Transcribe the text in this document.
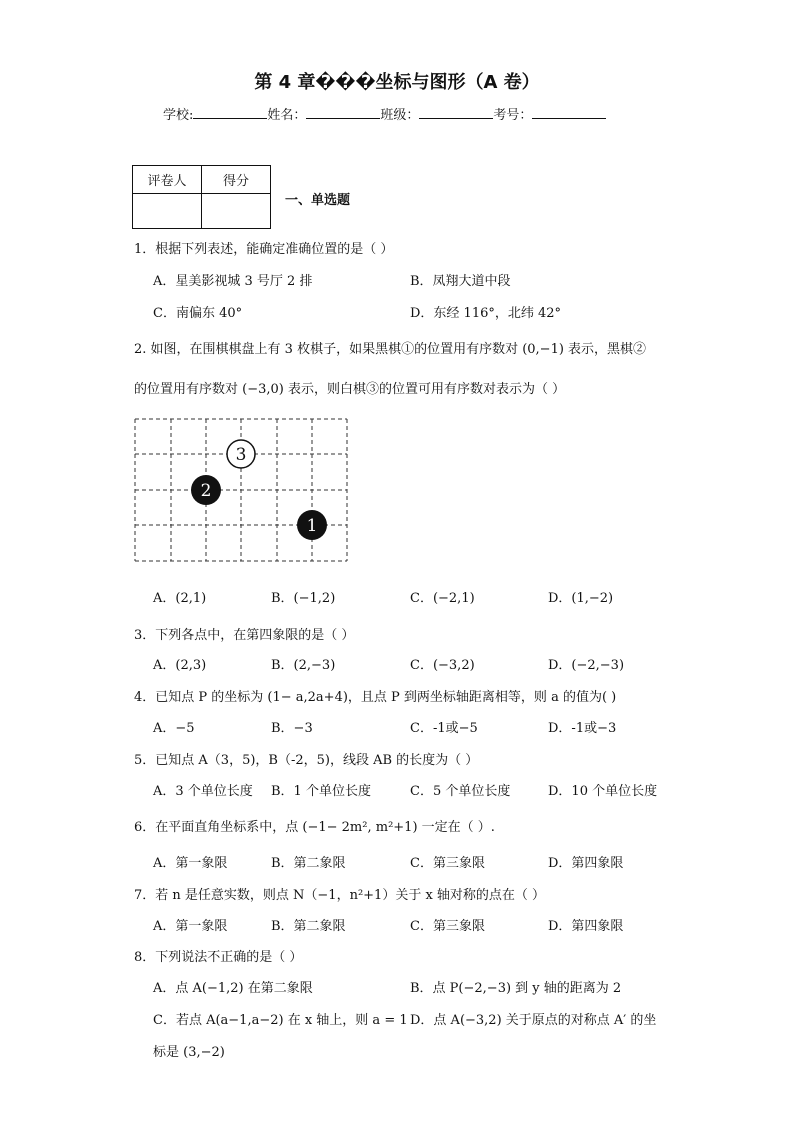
第 4 章���坐标与图形（A 卷）
学校:	姓名：	班级：	考号：
评卷人	得分

一、单选题
1．根据下列表述，能确定准确位置的是（ ）
A．星美影视城 3 号厅 2 排	B．凤翔大道中段
C．南偏东 40°	D．东经 116°，北纬 42°
2. 如图，在围棋棋盘上有 3 枚棋子，如果黑棋①的位置用有序数对 (0,−1) 表示，黑棋②
的位置用有序数对 (−3,0) 表示，则白棋③的位置可用有序数对表示为（ ）
3
2
1
A．(2,1)	B．(−1,2)	C．(−2,1)	D．(1,−2)
3．下列各点中，在第四象限的是（ ）
A．(2,3)	B．(2,−3)	C．(−3,2)	D．(−2,−3)
4．已知点 P 的坐标为 (1− a,2a+4)，且点 P 到两坐标轴距离相等，则 a 的值为( )
A．−5	B．−3	C．-1或−5	D．-1或−3
5．已知点 A（3，5)，B（-2，5)，线段 AB 的长度为（ ）
A．3 个单位长度 B．1 个单位长度	C．5 个单位长度	D．10 个单位长度
6．在平面直角坐标系中，点 (−1− 2m², m²+1) 一定在（ ）.
A．第一象限	B．第二象限	C．第三象限	D．第四象限
7．若 n 是任意实数，则点 N（−1，n²+1）关于 x 轴对称的点在（ ）
A．第一象限	B．第二象限	C．第三象限	D．第四象限
8．下列说法不正确的是（ ）
A．点 A(−1,2) 在第二象限	B．点 P(−2,−3) 到 y 轴的距离为 2
C．若点 A(a−1,a−2) 在 x 轴上，则 a = 1 D．点 A(−3,2) 关于原点的对称点 A′ 的坐
标是 (3,−2)
